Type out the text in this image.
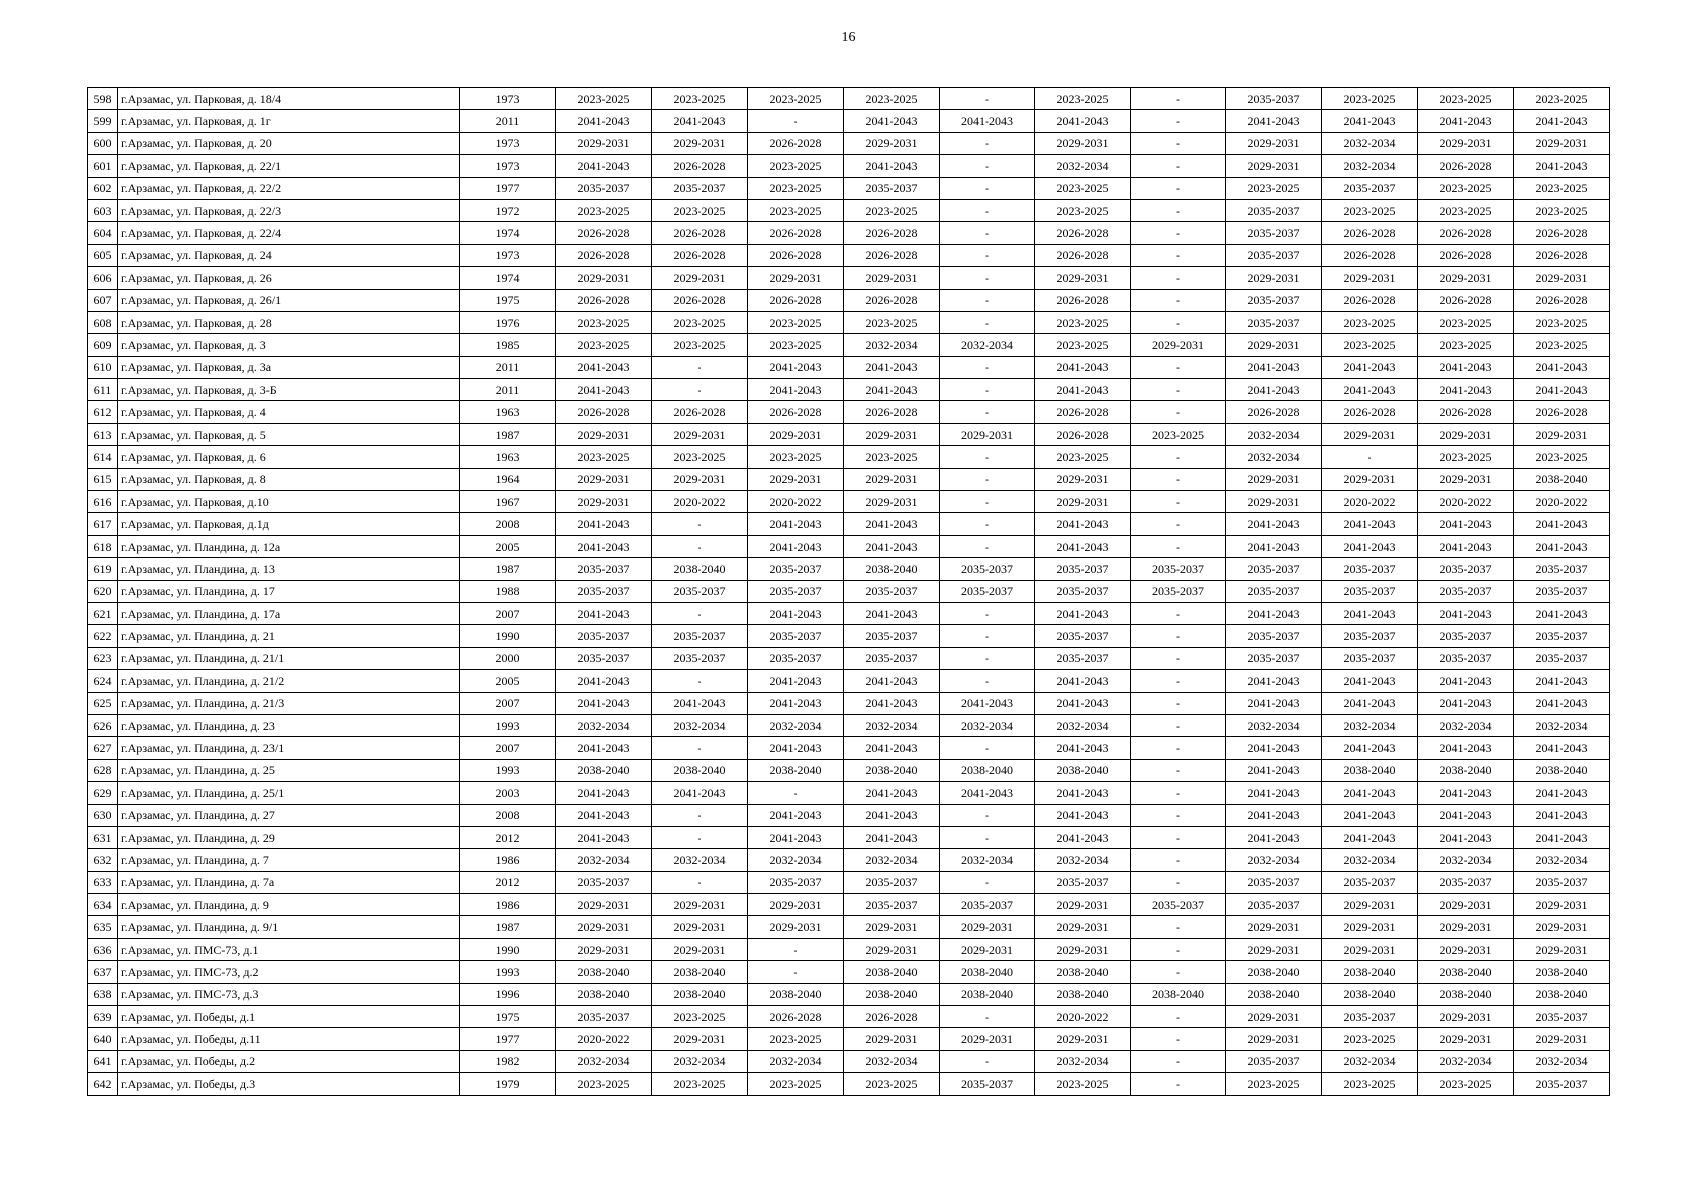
16
598	г.Арзамас, ул. Парковая, д. 18/4	1973	2023-2025	2023-2025	2023-2025	2023-2025	-	2023-2025	-	2035-2037	2023-2025	2023-2025	2023-2025
599	г.Арзамас, ул. Парковая, д. 1г	2011	2041-2043	2041-2043	-	2041-2043	2041-2043	2041-2043	-	2041-2043	2041-2043	2041-2043	2041-2043
600	г.Арзамас, ул. Парковая, д. 20	1973	2029-2031	2029-2031	2026-2028	2029-2031	-	2029-2031	-	2029-2031	2032-2034	2029-2031	2029-2031
601	г.Арзамас, ул. Парковая, д. 22/1	1973	2041-2043	2026-2028	2023-2025	2041-2043	-	2032-2034	-	2029-2031	2032-2034	2026-2028	2041-2043
602	г.Арзамас, ул. Парковая, д. 22/2	1977	2035-2037	2035-2037	2023-2025	2035-2037	-	2023-2025	-	2023-2025	2035-2037	2023-2025	2023-2025
603	г.Арзамас, ул. Парковая, д. 22/3	1972	2023-2025	2023-2025	2023-2025	2023-2025	-	2023-2025	-	2035-2037	2023-2025	2023-2025	2023-2025
604	г.Арзамас, ул. Парковая, д. 22/4	1974	2026-2028	2026-2028	2026-2028	2026-2028	-	2026-2028	-	2035-2037	2026-2028	2026-2028	2026-2028
605	г.Арзамас, ул. Парковая, д. 24	1973	2026-2028	2026-2028	2026-2028	2026-2028	-	2026-2028	-	2035-2037	2026-2028	2026-2028	2026-2028
606	г.Арзамас, ул. Парковая, д. 26	1974	2029-2031	2029-2031	2029-2031	2029-2031	-	2029-2031	-	2029-2031	2029-2031	2029-2031	2029-2031
607	г.Арзамас, ул. Парковая, д. 26/1	1975	2026-2028	2026-2028	2026-2028	2026-2028	-	2026-2028	-	2035-2037	2026-2028	2026-2028	2026-2028
608	г.Арзамас, ул. Парковая, д. 28	1976	2023-2025	2023-2025	2023-2025	2023-2025	-	2023-2025	-	2035-2037	2023-2025	2023-2025	2023-2025
609	г.Арзамас, ул. Парковая, д. 3	1985	2023-2025	2023-2025	2023-2025	2032-2034	2032-2034	2023-2025	2029-2031	2029-2031	2023-2025	2023-2025	2023-2025
610	г.Арзамас, ул. Парковая, д. 3а	2011	2041-2043	-	2041-2043	2041-2043	-	2041-2043	-	2041-2043	2041-2043	2041-2043	2041-2043
611	г.Арзамас, ул. Парковая, д. 3-Б	2011	2041-2043	-	2041-2043	2041-2043	-	2041-2043	-	2041-2043	2041-2043	2041-2043	2041-2043
612	г.Арзамас, ул. Парковая, д. 4	1963	2026-2028	2026-2028	2026-2028	2026-2028	-	2026-2028	-	2026-2028	2026-2028	2026-2028	2026-2028
613	г.Арзамас, ул. Парковая, д. 5	1987	2029-2031	2029-2031	2029-2031	2029-2031	2029-2031	2026-2028	2023-2025	2032-2034	2029-2031	2029-2031	2029-2031
614	г.Арзамас, ул. Парковая, д. 6	1963	2023-2025	2023-2025	2023-2025	2023-2025	-	2023-2025	-	2032-2034	-	2023-2025	2023-2025
615	г.Арзамас, ул. Парковая, д. 8	1964	2029-2031	2029-2031	2029-2031	2029-2031	-	2029-2031	-	2029-2031	2029-2031	2029-2031	2038-2040
616	г.Арзамас, ул. Парковая, д.10	1967	2029-2031	2020-2022	2020-2022	2029-2031	-	2029-2031	-	2029-2031	2020-2022	2020-2022	2020-2022
617	г.Арзамас, ул. Парковая, д.1д	2008	2041-2043	-	2041-2043	2041-2043	-	2041-2043	-	2041-2043	2041-2043	2041-2043	2041-2043
618	г.Арзамас, ул. Пландина, д. 12а	2005	2041-2043	-	2041-2043	2041-2043	-	2041-2043	-	2041-2043	2041-2043	2041-2043	2041-2043
619	г.Арзамас, ул. Пландина, д. 13	1987	2035-2037	2038-2040	2035-2037	2038-2040	2035-2037	2035-2037	2035-2037	2035-2037	2035-2037	2035-2037	2035-2037
620	г.Арзамас, ул. Пландина, д. 17	1988	2035-2037	2035-2037	2035-2037	2035-2037	2035-2037	2035-2037	2035-2037	2035-2037	2035-2037	2035-2037	2035-2037
621	г.Арзамас, ул. Пландина, д. 17а	2007	2041-2043	-	2041-2043	2041-2043	-	2041-2043	-	2041-2043	2041-2043	2041-2043	2041-2043
622	г.Арзамас, ул. Пландина, д. 21	1990	2035-2037	2035-2037	2035-2037	2035-2037	-	2035-2037	-	2035-2037	2035-2037	2035-2037	2035-2037
623	г.Арзамас, ул. Пландина, д. 21/1	2000	2035-2037	2035-2037	2035-2037	2035-2037	-	2035-2037	-	2035-2037	2035-2037	2035-2037	2035-2037
624	г.Арзамас, ул. Пландина, д. 21/2	2005	2041-2043	-	2041-2043	2041-2043	-	2041-2043	-	2041-2043	2041-2043	2041-2043	2041-2043
625	г.Арзамас, ул. Пландина, д. 21/3	2007	2041-2043	2041-2043	2041-2043	2041-2043	2041-2043	2041-2043	-	2041-2043	2041-2043	2041-2043	2041-2043
626	г.Арзамас, ул. Пландина, д. 23	1993	2032-2034	2032-2034	2032-2034	2032-2034	2032-2034	2032-2034	-	2032-2034	2032-2034	2032-2034	2032-2034
627	г.Арзамас, ул. Пландина, д. 23/1	2007	2041-2043	-	2041-2043	2041-2043	-	2041-2043	-	2041-2043	2041-2043	2041-2043	2041-2043
628	г.Арзамас, ул. Пландина, д. 25	1993	2038-2040	2038-2040	2038-2040	2038-2040	2038-2040	2038-2040	-	2041-2043	2038-2040	2038-2040	2038-2040
629	г.Арзамас, ул. Пландина, д. 25/1	2003	2041-2043	2041-2043	-	2041-2043	2041-2043	2041-2043	-	2041-2043	2041-2043	2041-2043	2041-2043
630	г.Арзамас, ул. Пландина, д. 27	2008	2041-2043	-	2041-2043	2041-2043	-	2041-2043	-	2041-2043	2041-2043	2041-2043	2041-2043
631	г.Арзамас, ул. Пландина, д. 29	2012	2041-2043	-	2041-2043	2041-2043	-	2041-2043	-	2041-2043	2041-2043	2041-2043	2041-2043
632	г.Арзамас, ул. Пландина, д. 7	1986	2032-2034	2032-2034	2032-2034	2032-2034	2032-2034	2032-2034	-	2032-2034	2032-2034	2032-2034	2032-2034
633	г.Арзамас, ул. Пландина, д. 7а	2012	2035-2037	-	2035-2037	2035-2037	-	2035-2037	-	2035-2037	2035-2037	2035-2037	2035-2037
634	г.Арзамас, ул. Пландина, д. 9	1986	2029-2031	2029-2031	2029-2031	2035-2037	2035-2037	2029-2031	2035-2037	2035-2037	2029-2031	2029-2031	2029-2031
635	г.Арзамас, ул. Пландина, д. 9/1	1987	2029-2031	2029-2031	2029-2031	2029-2031	2029-2031	2029-2031	-	2029-2031	2029-2031	2029-2031	2029-2031
636	г.Арзамас, ул. ПМС-73, д.1	1990	2029-2031	2029-2031	-	2029-2031	2029-2031	2029-2031	-	2029-2031	2029-2031	2029-2031	2029-2031
637	г.Арзамас, ул. ПМС-73, д.2	1993	2038-2040	2038-2040	-	2038-2040	2038-2040	2038-2040	-	2038-2040	2038-2040	2038-2040	2038-2040
638	г.Арзамас, ул. ПМС-73, д.3	1996	2038-2040	2038-2040	2038-2040	2038-2040	2038-2040	2038-2040	2038-2040	2038-2040	2038-2040	2038-2040	2038-2040
639	г.Арзамас, ул. Победы, д.1	1975	2035-2037	2023-2025	2026-2028	2026-2028	-	2020-2022	-	2029-2031	2035-2037	2029-2031	2035-2037
640	г.Арзамас, ул. Победы, д.11	1977	2020-2022	2029-2031	2023-2025	2029-2031	2029-2031	2029-2031	-	2029-2031	2023-2025	2029-2031	2029-2031
641	г.Арзамас, ул. Победы, д.2	1982	2032-2034	2032-2034	2032-2034	2032-2034	-	2032-2034	-	2035-2037	2032-2034	2032-2034	2032-2034
642	г.Арзамас, ул. Победы, д.3	1979	2023-2025	2023-2025	2023-2025	2023-2025	2035-2037	2023-2025	-	2023-2025	2023-2025	2023-2025	2035-2037
